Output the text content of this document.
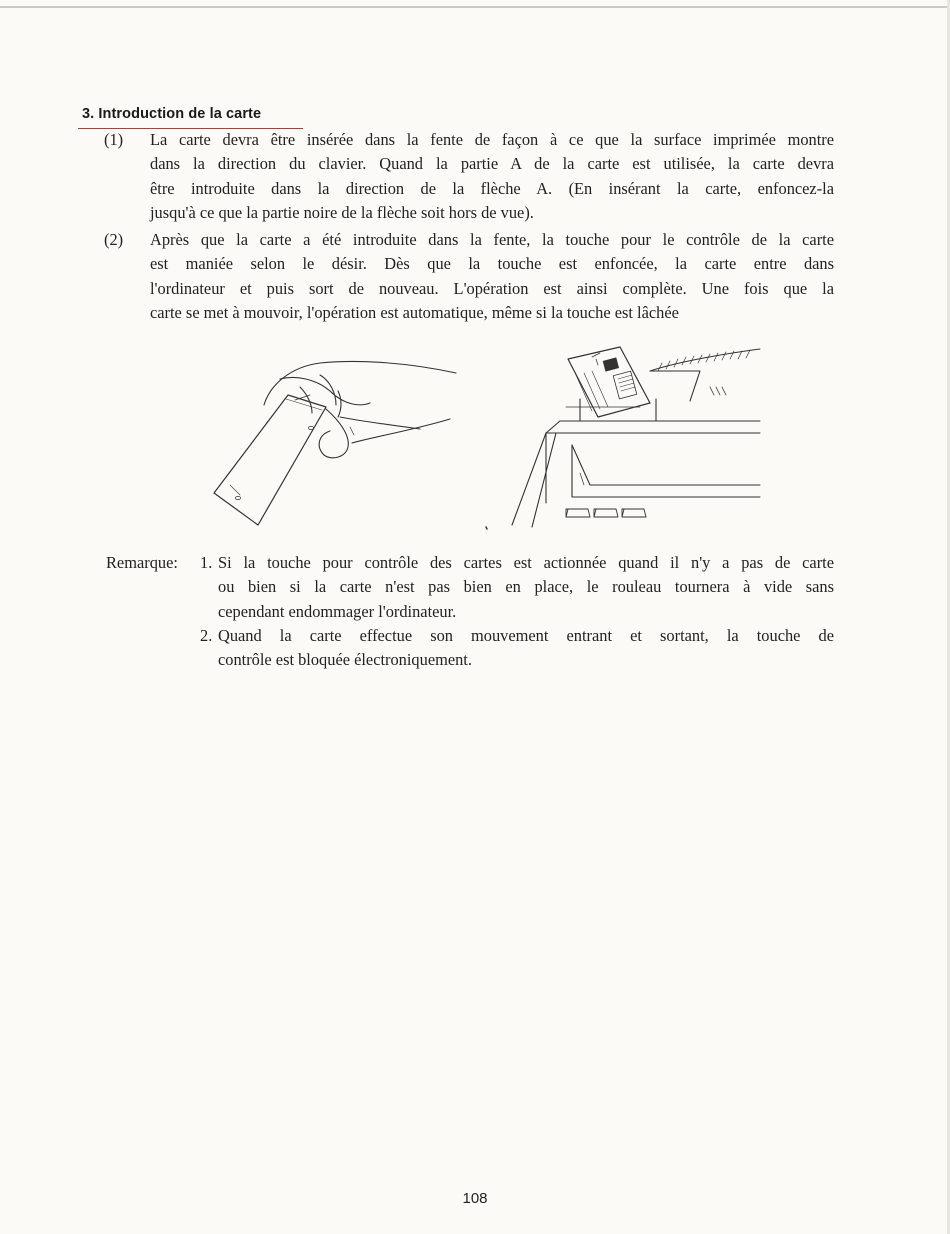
3. Introduction de la carte
(1) La carte devra être insérée dans la fente de façon à ce que la surface imprimée montre
dans la direction du clavier. Quand la partie A de la carte est utilisée, la carte devra
être introduite dans la direction de la flèche A. (En insérant la carte, enfoncez-la
jusqu'à ce que la partie noire de la flèche soit hors de vue).
(2) Après que la carte a été introduite dans la fente, la touche pour le contrôle de la carte
est maniée selon le désir. Dès que la touche est enfoncée, la carte entre dans
l'ordinateur et puis sort de nouveau. L'opération est ainsi complète. Une fois que la
carte se met à mouvoir, l'opération est automatique, même si la touche est lâchée
Remarque: 1. Si la touche pour contrôle des cartes est actionnée quand il n'y a pas de carte
ou bien si la carte n'est pas bien en place, le rouleau tournera à vide sans
cependant endommager l'ordinateur.
2. Quand la carte effectue son mouvement entrant et sortant, la touche de
contrôle est bloquée électroniquement.
108
